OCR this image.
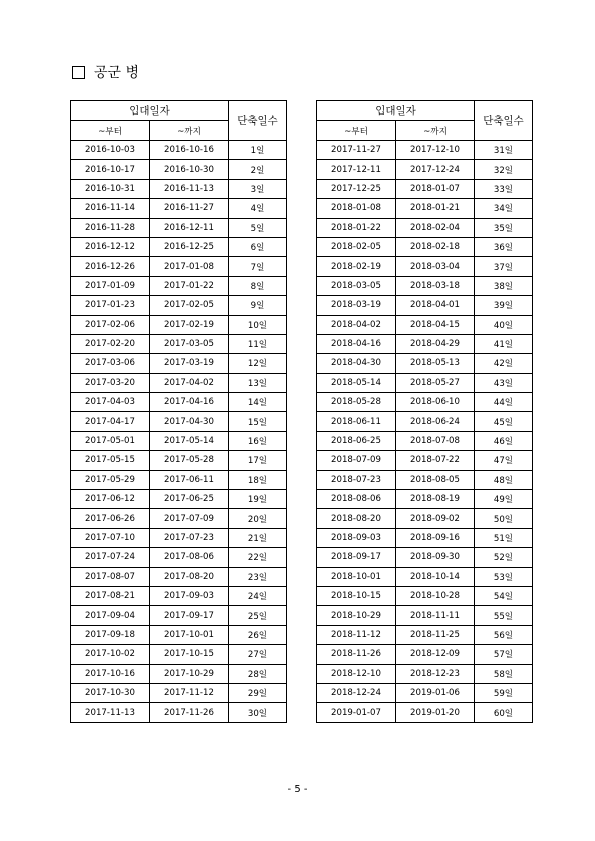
공군 병
입대일자		단축일수
~부터	~까지	
2016-10-03	2016-10-16	1일
2016-10-17	2016-10-30	2일
2016-10-31	2016-11-13	3일
2016-11-14	2016-11-27	4일
2016-11-28	2016-12-11	5일
2016-12-12	2016-12-25	6일
2016-12-26	2017-01-08	7일
2017-01-09	2017-01-22	8일
2017-01-23	2017-02-05	9일
2017-02-06	2017-02-19	10일
2017-02-20	2017-03-05	11일
2017-03-06	2017-03-19	12일
2017-03-20	2017-04-02	13일
2017-04-03	2017-04-16	14일
2017-04-17	2017-04-30	15일
2017-05-01	2017-05-14	16일
2017-05-15	2017-05-28	17일
2017-05-29	2017-06-11	18일
2017-06-12	2017-06-25	19일
2017-06-26	2017-07-09	20일
2017-07-10	2017-07-23	21일
2017-07-24	2017-08-06	22일
2017-08-07	2017-08-20	23일
2017-08-21	2017-09-03	24일
2017-09-04	2017-09-17	25일
2017-09-18	2017-10-01	26일
2017-10-02	2017-10-15	27일
2017-10-16	2017-10-29	28일
2017-10-30	2017-11-12	29일
2017-11-13	2017-11-26	30일
입대일자		단축일수
~부터	~까지	
2017-11-27	2017-12-10	31일
2017-12-11	2017-12-24	32일
2017-12-25	2018-01-07	33일
2018-01-08	2018-01-21	34일
2018-01-22	2018-02-04	35일
2018-02-05	2018-02-18	36일
2018-02-19	2018-03-04	37일
2018-03-05	2018-03-18	38일
2018-03-19	2018-04-01	39일
2018-04-02	2018-04-15	40일
2018-04-16	2018-04-29	41일
2018-04-30	2018-05-13	42일
2018-05-14	2018-05-27	43일
2018-05-28	2018-06-10	44일
2018-06-11	2018-06-24	45일
2018-06-25	2018-07-08	46일
2018-07-09	2018-07-22	47일
2018-07-23	2018-08-05	48일
2018-08-06	2018-08-19	49일
2018-08-20	2018-09-02	50일
2018-09-03	2018-09-16	51일
2018-09-17	2018-09-30	52일
2018-10-01	2018-10-14	53일
2018-10-15	2018-10-28	54일
2018-10-29	2018-11-11	55일
2018-11-12	2018-11-25	56일
2018-11-26	2018-12-09	57일
2018-12-10	2018-12-23	58일
2018-12-24	2019-01-06	59일
2019-01-07	2019-01-20	60일
- 5 -
